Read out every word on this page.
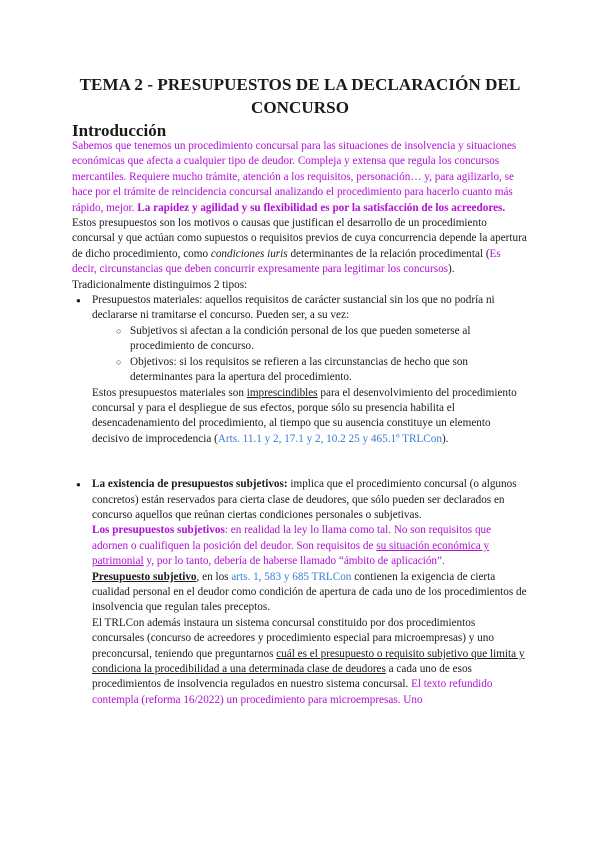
TEMA 2 - PRESUPUESTOS DE LA DECLARACIÓN DEL CONCURSO
Introducción

Sabemos que tenemos un procedimiento concursal para las situaciones de insolvencia y situaciones económicas que afecta a cualquier tipo de deudor. Compleja y extensa que regula los concursos mercantiles. Requiere mucho trámite, atención a los requisitos, personación… y, para agilizarlo, se hace por el trámite de reincidencia concursal analizando el procedimiento para hacerlo cuanto más rápido, mejor. La rapidez y agilidad y su flexibilidad es por la satisfacción de los acreedores.

Estos presupuestos son los motivos o causas que justifican el desarrollo de un procedimiento concursal y que actúan como supuestos o requisitos previos de cuya concurrencia depende la apertura de dicho procedimiento, como condiciones iuris determinantes de la relación procedimental (Es decir, circunstancias que deben concurrir expresamente para legitimar los concursos).

Tradicionalmente distinguimos 2 tipos:

● Presupuestos materiales: aquellos requisitos de carácter sustancial sin los que no podría ni declararse ni tramitarse el concurso. Pueden ser, a su vez:
○ Subjetivos si afectan a la condición personal de los que pueden someterse al procedimiento de concurso.
○ Objetivos: si los requisitos se refieren a las circunstancias de hecho que son determinantes para la apertura del procedimiento.

Estos presupuestos materiales son imprescindibles para el desenvolvimiento del procedimiento concursal y para el despliegue de sus efectos, porque sólo su presencia habilita el desencadenamiento del procedimiento, al tiempo que su ausencia constituye un elemento decisivo de improcedencia (Arts. 11.1 y 2, 17.1 y 2, 10.2 25 y 465.1º TRLCon).

● La existencia de presupuestos subjetivos: implica que el procedimiento concursal (o algunos concretos) están reservados para cierta clase de deudores, que sólo pueden ser declarados en concurso aquellos que reúnan ciertas condiciones personales o subjetivas.
Los presupuestos subjetivos: en realidad la ley lo llama como tal. No son requisitos que adornen o cualifiquen la posición del deudor. Son requisitos de su situación económica y patrimonial y, por lo tanto, debería de haberse llamado “ámbito de aplicación”.
Presupuesto subjetivo, en los arts. 1, 583 y 685 TRLCon contienen la exigencia de cierta cualidad personal en el deudor como condición de apertura de cada uno de los procedimientos de insolvencia que regulan tales preceptos.
El TRLCon además instaura un sistema concursal constituido por dos procedimientos concursales (concurso de acreedores y procedimiento especial para microempresas) y uno preconcursal, teniendo que preguntarnos cuál es el presupuesto o requisito subjetivo que limita y condiciona la procedibilidad a una determinada clase de deudores a cada uno de esos procedimientos de insolvencia regulados en nuestro sistema concursal. El texto refundido contempla (reforma 16/2022) un procedimiento para microempresas. Uno
